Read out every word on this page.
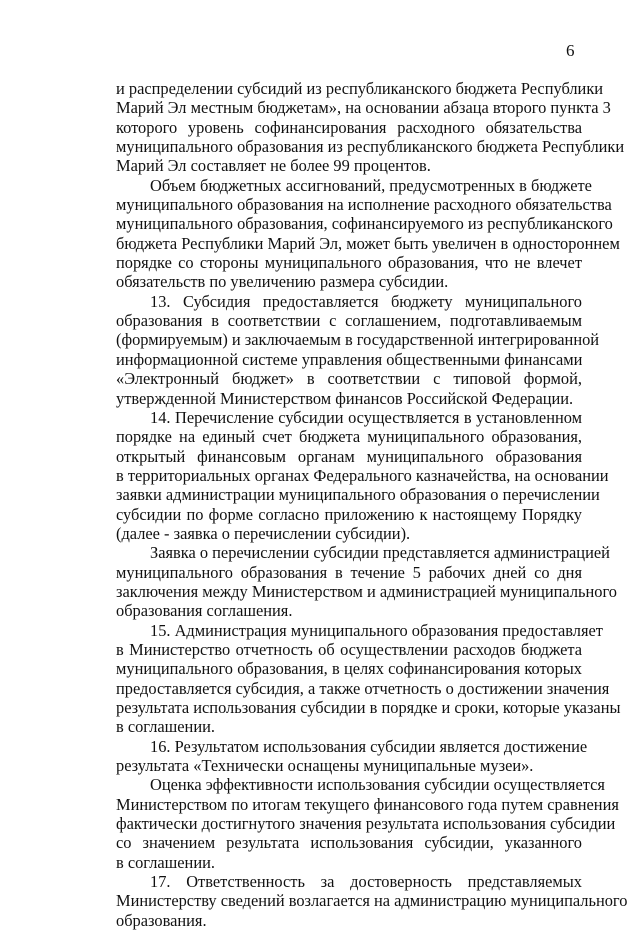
6
и распределении субсидий из республиканского бюджета Республики
Марий Эл местным бюджетам», на основании абзаца второго пункта 3
которого уровень софинансирования расходного обязательства
муниципального образования из республиканского бюджета Республики
Марий Эл составляет не более 99 процентов.
Объем бюджетных ассигнований, предусмотренных в бюджете
муниципального образования на исполнение расходного обязательства
муниципального образования, софинансируемого из республиканского
бюджета Республики Марий Эл, может быть увеличен в одностороннем
порядке со стороны муниципального образования, что не влечет
обязательств по увеличению размера субсидии.
13. Субсидия предоставляется бюджету муниципального
образования в соответствии с соглашением, подготавливаемым
(формируемым) и заключаемым в государственной интегрированной
информационной системе управления общественными финансами
«Электронный бюджет» в соответствии с типовой формой,
утвержденной Министерством финансов Российской Федерации.
14. Перечисление субсидии осуществляется в установленном
порядке на единый счет бюджета муниципального образования,
открытый финансовым органам муниципального образования
в территориальных органах Федерального казначейства, на основании
заявки администрации муниципального образования о перечислении
субсидии по форме согласно приложению к настоящему Порядку
(далее - заявка о перечислении субсидии).
Заявка о перечислении субсидии представляется администрацией
муниципального образования в течение 5 рабочих дней со дня
заключения между Министерством и администрацией муниципального
образования соглашения.
15. Администрация муниципального образования предоставляет
в Министерство отчетность об осуществлении расходов бюджета
муниципального образования, в целях софинансирования которых
предоставляется субсидия, а также отчетность о достижении значения
результата использования субсидии в порядке и сроки, которые указаны
в соглашении.
16. Результатом использования субсидии является достижение
результата «Технически оснащены муниципальные музеи».
Оценка эффективности использования субсидии осуществляется
Министерством по итогам текущего финансового года путем сравнения
фактически достигнутого значения результата использования субсидии
со значением результата использования субсидии, указанного
в соглашении.
17. Ответственность за достоверность представляемых
Министерству сведений возлагается на администрацию муниципального
образования.
